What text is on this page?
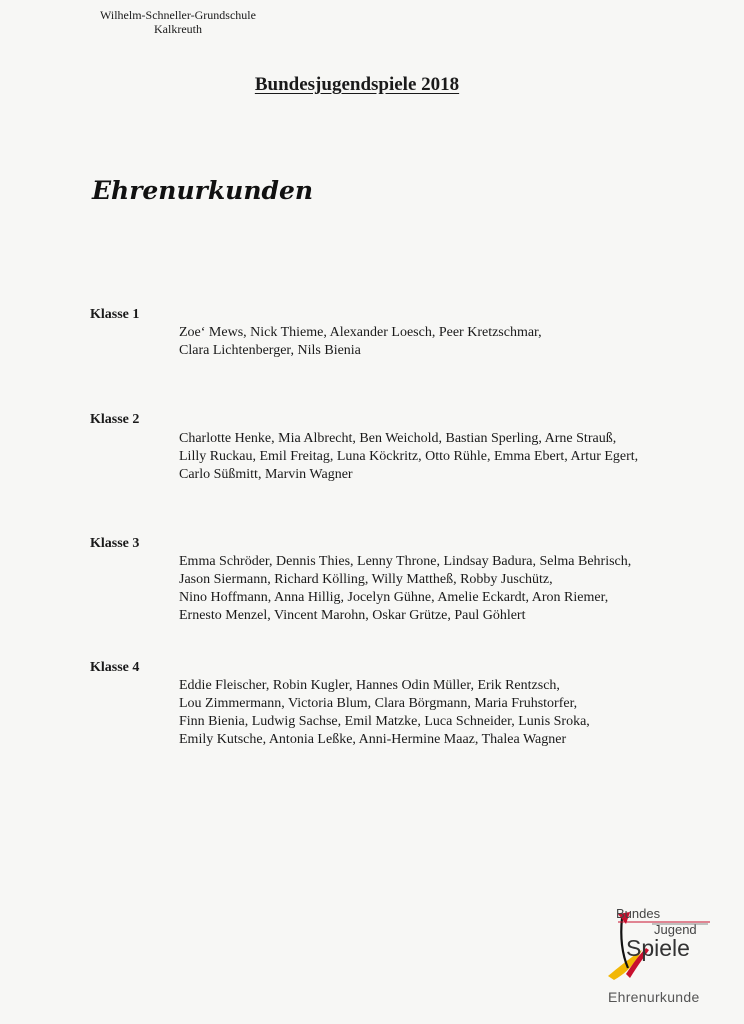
Wilhelm-Schneller-Grundschule
Kalkreuth
Bundesjugendspiele 2018
Ehrenurkunden
Klasse 1
Zoe‘ Mews, Nick Thieme, Alexander Loesch, Peer Kretzschmar,
Clara Lichtenberger, Nils Bienia
Klasse 2
Charlotte Henke, Mia Albrecht, Ben Weichold, Bastian Sperling, Arne Strauß,
Lilly Ruckau, Emil Freitag, Luna Köckritz, Otto Rühle, Emma Ebert, Artur Egert,
Carlo Süßmitt, Marvin Wagner
Klasse 3
Emma Schröder, Dennis Thies, Lenny Throne, Lindsay Badura, Selma Behrisch,
Jason Siermann, Richard Kölling, Willy Mattheß, Robby Juschütz,
Nino Hoffmann, Anna Hillig, Jocelyn Gühne, Amelie Eckardt, Aron Riemer,
Ernesto Menzel, Vincent Marohn, Oskar Grütze, Paul Göhlert
Klasse 4
Eddie Fleischer, Robin Kugler, Hannes Odin Müller, Erik Rentzsch,
Lou Zimmermann, Victoria Blum, Clara Börgmann, Maria Fruhstorfer,
Finn Bienia, Ludwig Sachse, Emil Matzke, Luca Schneider, Lunis Sroka,
Emily Kutsche, Antonia Leßke, Anni-Hermine Maaz, Thalea Wagner
Bundes
Jugend
Spiele
Ehrenurkunde
